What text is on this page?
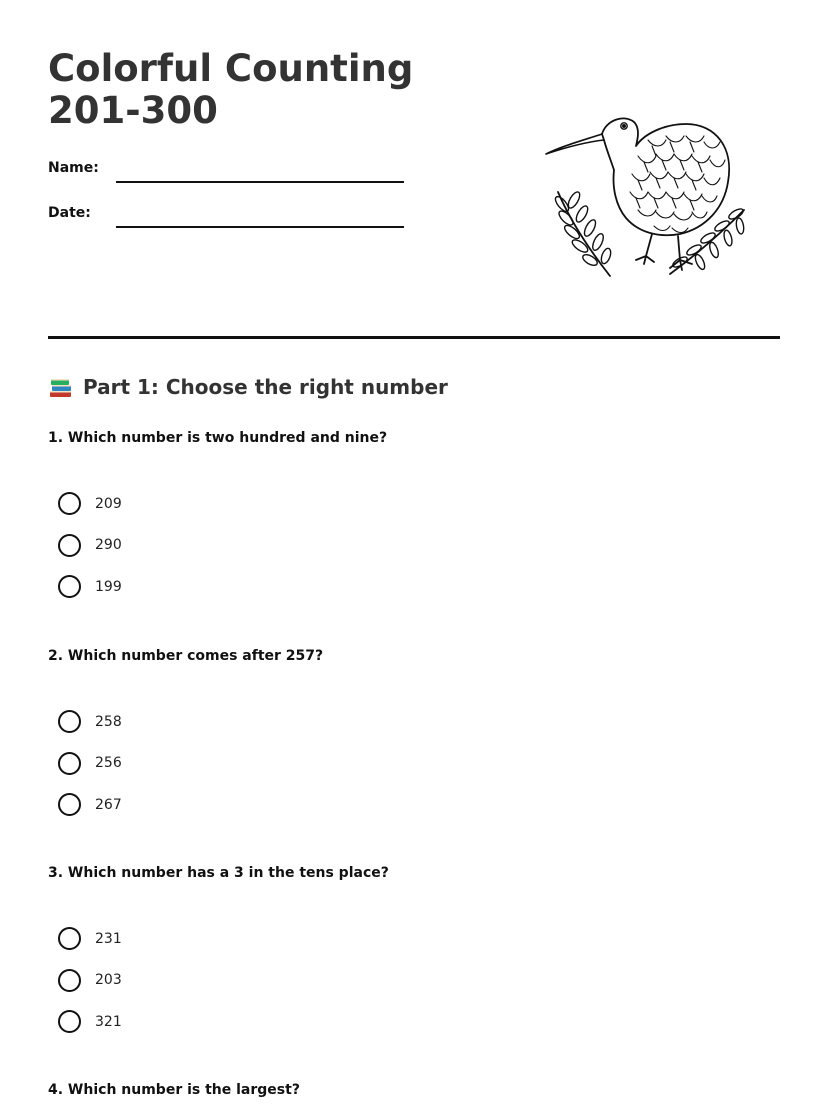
Colorful Counting 201-300
Name:
Date:
Part 1: Choose the right number

1. Which number is two hundred and nine?

209
290
199

2. Which number comes after 257?

258
256
267

3. Which number has a 3 in the tens place?

231
203
321

4. Which number is the largest?
